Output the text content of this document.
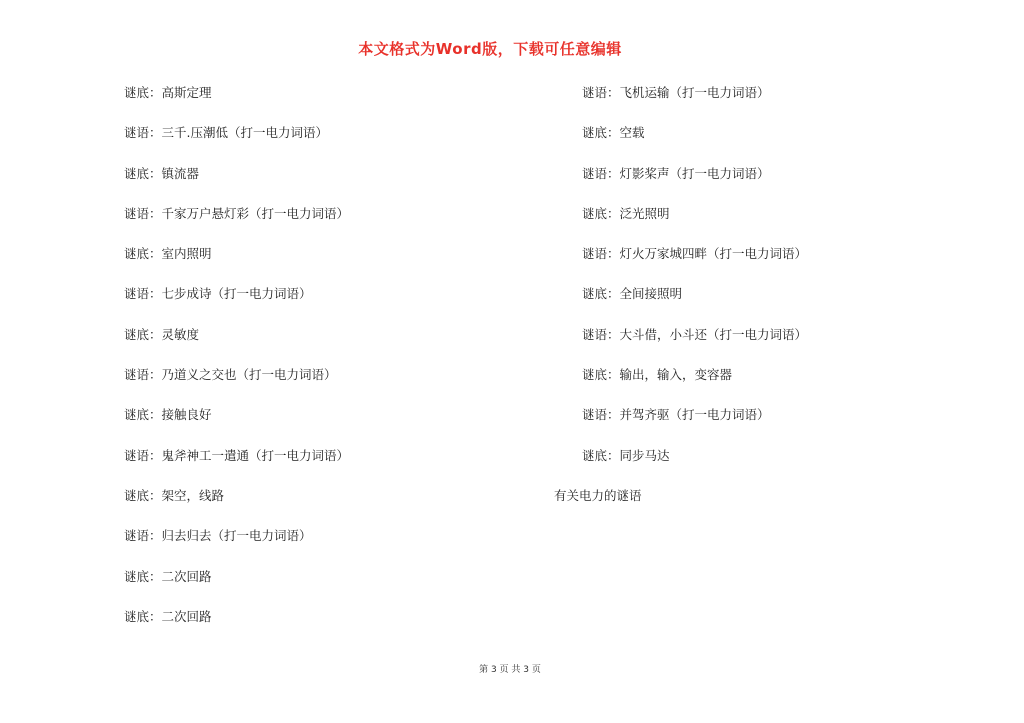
本文格式为Word版，下载可任意编辑
谜底：高斯定理
谜语：三千.压潮低（打一电力词语）
谜底：镇流器
谜语：千家万户悬灯彩（打一电力词语）
谜底：室内照明
谜语：七步成诗（打一电力词语）
谜底：灵敏度
谜语：乃道义之交也（打一电力词语）
谜底：接触良好
谜语：鬼斧神工一遣通（打一电力词语）
谜底：架空，线路
谜语：归去归去（打一电力词语）
谜底：二次回路
谜底：二次回路
谜语：飞机运输（打一电力词语）
谜底：空载
谜语：灯影桨声（打一电力词语）
谜底：泛光照明
谜语：灯火万家城四畔（打一电力词语）
谜底：全间接照明
谜语：大斗借，小斗还（打一电力词语）
谜底：输出，输入，变容器
谜语：并驾齐驱（打一电力词语）
谜底：同步马达
有关电力的谜语
第 3 页 共 3 页
